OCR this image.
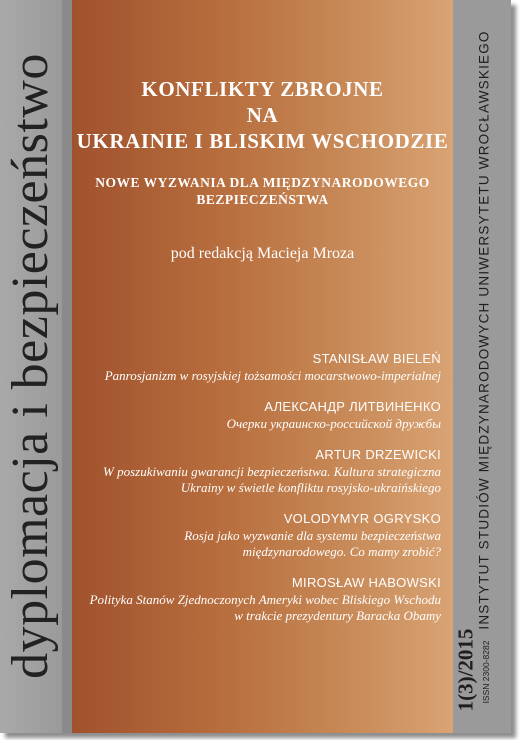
dyplomacja i bezpieczeństwo	INSTYTUT STUDIÓW MIĘDZYNARODOWYCH UNIWERSYTETU WROCŁAWSKIEGO
1(3)/2015 ISSN 2300-8282
KONFLIKTY ZBROJNE
NA
UKRAINIE I BLISKIM WSCHODZIE
NOWE WYZWANIA DLA MIĘDZYNARODOWEGO
BEZPIECZEŃSTWA
pod redakcją Macieja Mroza
STANISŁAW BIELEŃ
Panrosjanizm w rosyjskiej tożsamości mocarstwowo-imperialnej
АЛЕКСАНДР ЛИТВИНЕНКО
Очерки украинско-российской дружбы
ARTUR DRZEWICKI
W poszukiwaniu gwarancji bezpieczeństwa. Kultura strategiczna
Ukrainy w świetle konfliktu rosyjsko-ukraińskiego
VOLODYMYR OGRYSKO
Rosja jako wyzwanie dla systemu bezpieczeństwa
międzynarodowego. Co mamy zrobić?
MIROSŁAW HABOWSKI
Polityka Stanów Zjednoczonych Ameryki wobec Bliskiego Wschodu
w trakcie prezydentury Baracka Obamy
